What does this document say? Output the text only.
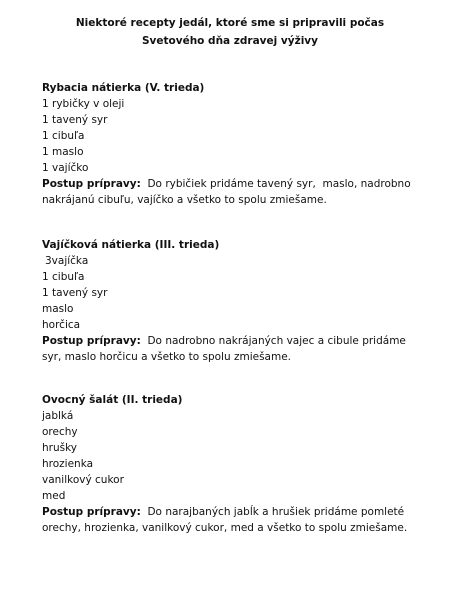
Niektoré recepty jedál, ktoré sme si pripravili počas
Svetového dňa zdravej výživy
Rybacia nátierka (V. trieda)
1 rybičky v oleji
1 tavený syr
1 cibuľa
1 maslo
1 vajíčko
Postup prípravy:  Do rybičiek pridáme tavený syr,  maslo, nadrobno
nakrájanú cibuľu, vajíčko a všetko to spolu zmiešame.
Vajíčková nátierka (III. trieda)
3vajíčka
1 cibuľa
1 tavený syr
maslo
horčica
Postup prípravy:  Do nadrobno nakrájaných vajec a cibule pridáme
syr, maslo horčicu a všetko to spolu zmiešame.
Ovocný šalát (II. trieda)
jablká
orechy
hrušky
hrozienka
vanilkový cukor
med
Postup prípravy:  Do narajbaných jabĺk a hrušiek pridáme pomleté
orechy, hrozienka, vanilkový cukor, med a všetko to spolu zmiešame.
